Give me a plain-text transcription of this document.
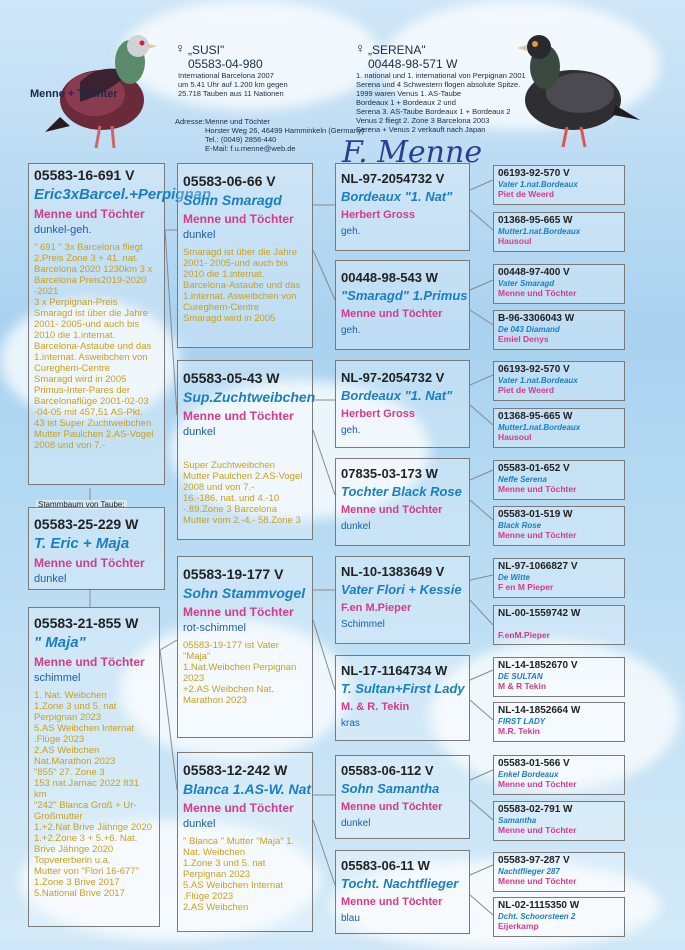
Menne + Töchter
♀ „SUSI"
05583-04-980
International Barcelona 2007
um 5.41 Uhr auf 1.200 km gegen
25.718 Tauben aus 11 Nationen
♀ „SERENA"
00448-98-571 W
1. national und 1. international von Perpignan 2001
Serena und 4 Schwestern flogen absolute Spitze.
1999 waren Venus 1. AS-Taube
Bordeaux 1 + Bordeaux 2 und
Serena 3. AS-Taube Bordeaux 1 + Bordeaux 2
Venus 2 fliegt 2. Zone 3 Barcelona 2003
Serena + Venus 2 verkauft nach Japan
Adresse: Menne und Töchter
Horster Weg 26, 46499 Hamminkeln (Germany)
Tel.: (0049) 2856-440
E-Mail: f.u.menne@web.de	F. Menne
05583-16-691 V
Eric3xBarcel.+Perpignan
Menne und Töchter
dunkel-geh.
" 691 " 3x Barcelona fliegt
2.Preis Zone 3 + 41. nat.
Barcelona 2020 1230km 3 x
Barcelona Preis2019-2020
-2021
3 x Perpignan-Preis
Smaragd ist über die Jahre
2001- 2005-und auch bis
2010 die 1.internat.
Barcelona-Astaube und das
1.internat. Asweibchen von
Cureghem-Centre
Smaragd wird in 2005
Primus-Inter-Pares der
Barcelonaflüge 2001-02-03
-04-05 mit 457,51 AS-Pkt.
43 ist Super Zuchtweibchen
Mutter Paulchen 2.AS-Vogel
2008 und von 7.-
Stammbaum von Taube:
05583-25-229 W
T. Eric + Maja
Menne und Töchter
dunkel
05583-21-855 W
" Maja"
Menne und Töchter
schimmel
1. Nat. Weibchen
1.Zone 3 und 5. nat
Perpignan 2023
5.AS Weibchen Internat
.Flüge 2023
2.AS Weibchen
Nat.Marathon 2023
"855" 27. Zone 3
153 nat.Jarnac 2022 831
km
"242" Blanca Groß + Ur-
Großmutter
1.+2.Nat Brive Jährige 2020
1.+2.Zone 3 + 5.+6. Nat.
Brive Jährige 2020
Topvererberin u.a.
Mutter von "Flori 16-677"
1.Zone 3 Brive 2017
5.National Brive 2017
05583-06-66 V
Sohn Smaragd
Menne und Töchter
dunkel
Smaragd ist über die Jahre
2001- 2005-und auch bis
2010 die 1.internat.
Barcelona-Astaube und das
1.internat. Asweibchen von
Cureghem-Centre
Smaragd wird in 2005
05583-05-43 W
Sup.Zuchtweibchen
Menne und Töchter
dunkel
Super Zuchtweibchen
Mutter Paulchen 2.AS-Vogel
2008 und von 7.-
16.-186. nat. und 4.-10
-.89.Zone 3 Barcelona
Mutter vom 2.-4.- 58.Zone 3
05583-19-177 V
Sohn Stammvogel
Menne und Töchter
rot-schimmel
05583-19-177 ist Vater
"Maja"
1.Nat.Weibchen Perpignan
2023
+2.AS Weibchen Nat.
Marathon 2023
05583-12-242 W
Blanca 1.AS-W. Nat
Menne und Töchter
dunkel
" Blanca " Mutter "Maja" 1.
Nat. Weibchen
1.Zone 3 und 5. nat
Perpignan 2023
5.AS Weibchen Internat
.Flüge 2023
2.AS Weibchen
NL-97-2054732 V
Bordeaux "1. Nat"
Herbert Gross
geh.
00448-98-543 W
"Smaragd" 1.Primus
Menne und Töchter
geh.
NL-97-2054732 V
Bordeaux "1. Nat"
Herbert Gross
geh.
07835-03-173 W
Tochter Black Rose
Menne und Töchter
dunkel
NL-10-1383649 V
Vater Flori + Kessie
F.en M.Pieper
Schimmel
NL-17-1164734 W
T. Sultan+First Lady
M. & R. Tekin
kras
05583-06-112 V
Sohn Samantha
Menne und Töchter
dunkel
05583-06-11 W
Tocht. Nachtflieger
Menne und Töchter
blau
06193-92-570 V
Vater 1.nat.Bordeaux
Piet de Weerd
01368-95-665 W
Mutter1.nat.Bordeaux
Hausoul
00448-97-400 V
Vater Smaragd
Menne und Töchter
B-96-3306043 W
De 043 Diamand
Emiel Denys
06193-92-570 V
Vater 1.nat.Bordeaux
Piet de Weerd
01368-95-665 W
Mutter1.nat.Bordeaux
Hausoul
05583-01-652 V
Neffe Serena
Menne und Töchter
05583-01-519 W
Black Rose
Menne und Töchter
NL-97-1066827 V
De Witte
F en M Pieper
NL-00-1559742 W
F.enM.Pieper
NL-14-1852670 V
DE SULTAN
M & R Tekin
NL-14-1852664 W
FIRST LADY
M.R. Tekin
05583-01-566 V
Enkel Bordeaux
Menne und Töchter
05583-02-791 W
Samantha
Menne und Töchter
05583-97-287 V
Nachtflieger 287
Menne und Töchter
NL-02-1115350 W
Dcht. Schoorsteen 2
Eijerkamp
